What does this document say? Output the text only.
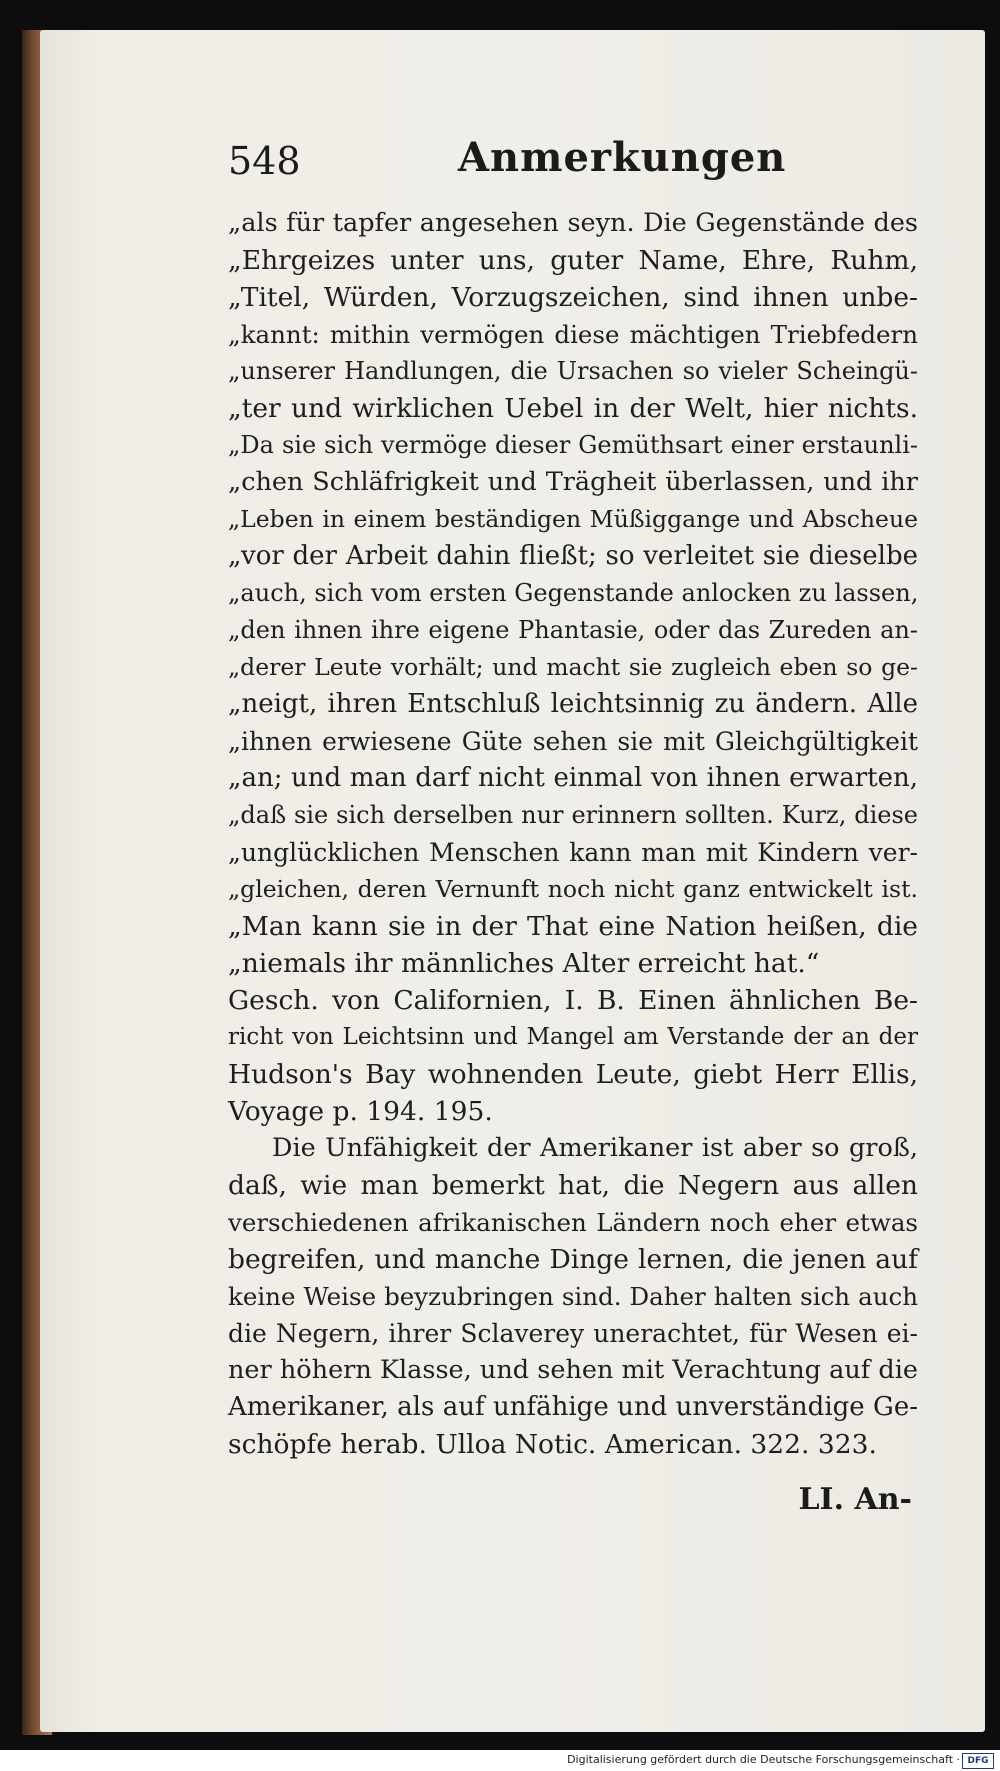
548	Anmerkungen
„als für tapfer angesehen seyn. Die Gegenstände des
„Ehrgeizes unter uns, guter Name, Ehre, Ruhm,
„Titel, Würden, Vorzugszeichen, sind ihnen unbe-
„kannt: mithin vermögen diese mächtigen Triebfedern
„unserer Handlungen, die Ursachen so vieler Scheingü-
„ter und wirklichen Uebel in der Welt, hier nichts.
„Da sie sich vermöge dieser Gemüthsart einer erstaunli-
„chen Schläfrigkeit und Trägheit überlassen, und ihr
„Leben in einem beständigen Müßiggange und Abscheue
„vor der Arbeit dahin fließt; so verleitet sie dieselbe
„auch, sich vom ersten Gegenstande anlocken zu lassen,
„den ihnen ihre eigene Phantasie, oder das Zureden an-
„derer Leute vorhält; und macht sie zugleich eben so ge-
„neigt, ihren Entschluß leichtsinnig zu ändern. Alle
„ihnen erwiesene Güte sehen sie mit Gleichgültigkeit
„an; und man darf nicht einmal von ihnen erwarten,
„daß sie sich derselben nur erinnern sollten. Kurz, diese
„unglücklichen Menschen kann man mit Kindern ver-
„gleichen, deren Vernunft noch nicht ganz entwickelt ist.
„Man kann sie in der That eine Nation heißen, die
„niemals ihr männliches Alter erreicht hat.“
Gesch. von Californien, I. B. Einen ähnlichen Be-
richt von Leichtsinn und Mangel am Verstande der an der
Hudson's Bay wohnenden Leute, giebt Herr Ellis,
Voyage p. 194. 195.
Die Unfähigkeit der Amerikaner ist aber so groß,
daß, wie man bemerkt hat, die Negern aus allen
verschiedenen afrikanischen Ländern noch eher etwas
begreifen, und manche Dinge lernen, die jenen auf
keine Weise beyzubringen sind. Daher halten sich auch
die Negern, ihrer Sclaverey unerachtet, für Wesen ei-
ner höhern Klasse, und sehen mit Verachtung auf die
Amerikaner, als auf unfähige und unverständige Ge-
schöpfe herab. Ulloa Notic. American. 322. 323.
LI. An-
Digitalisierung gefördert durch die Deutsche Forschungsgemeinschaft · DFG
